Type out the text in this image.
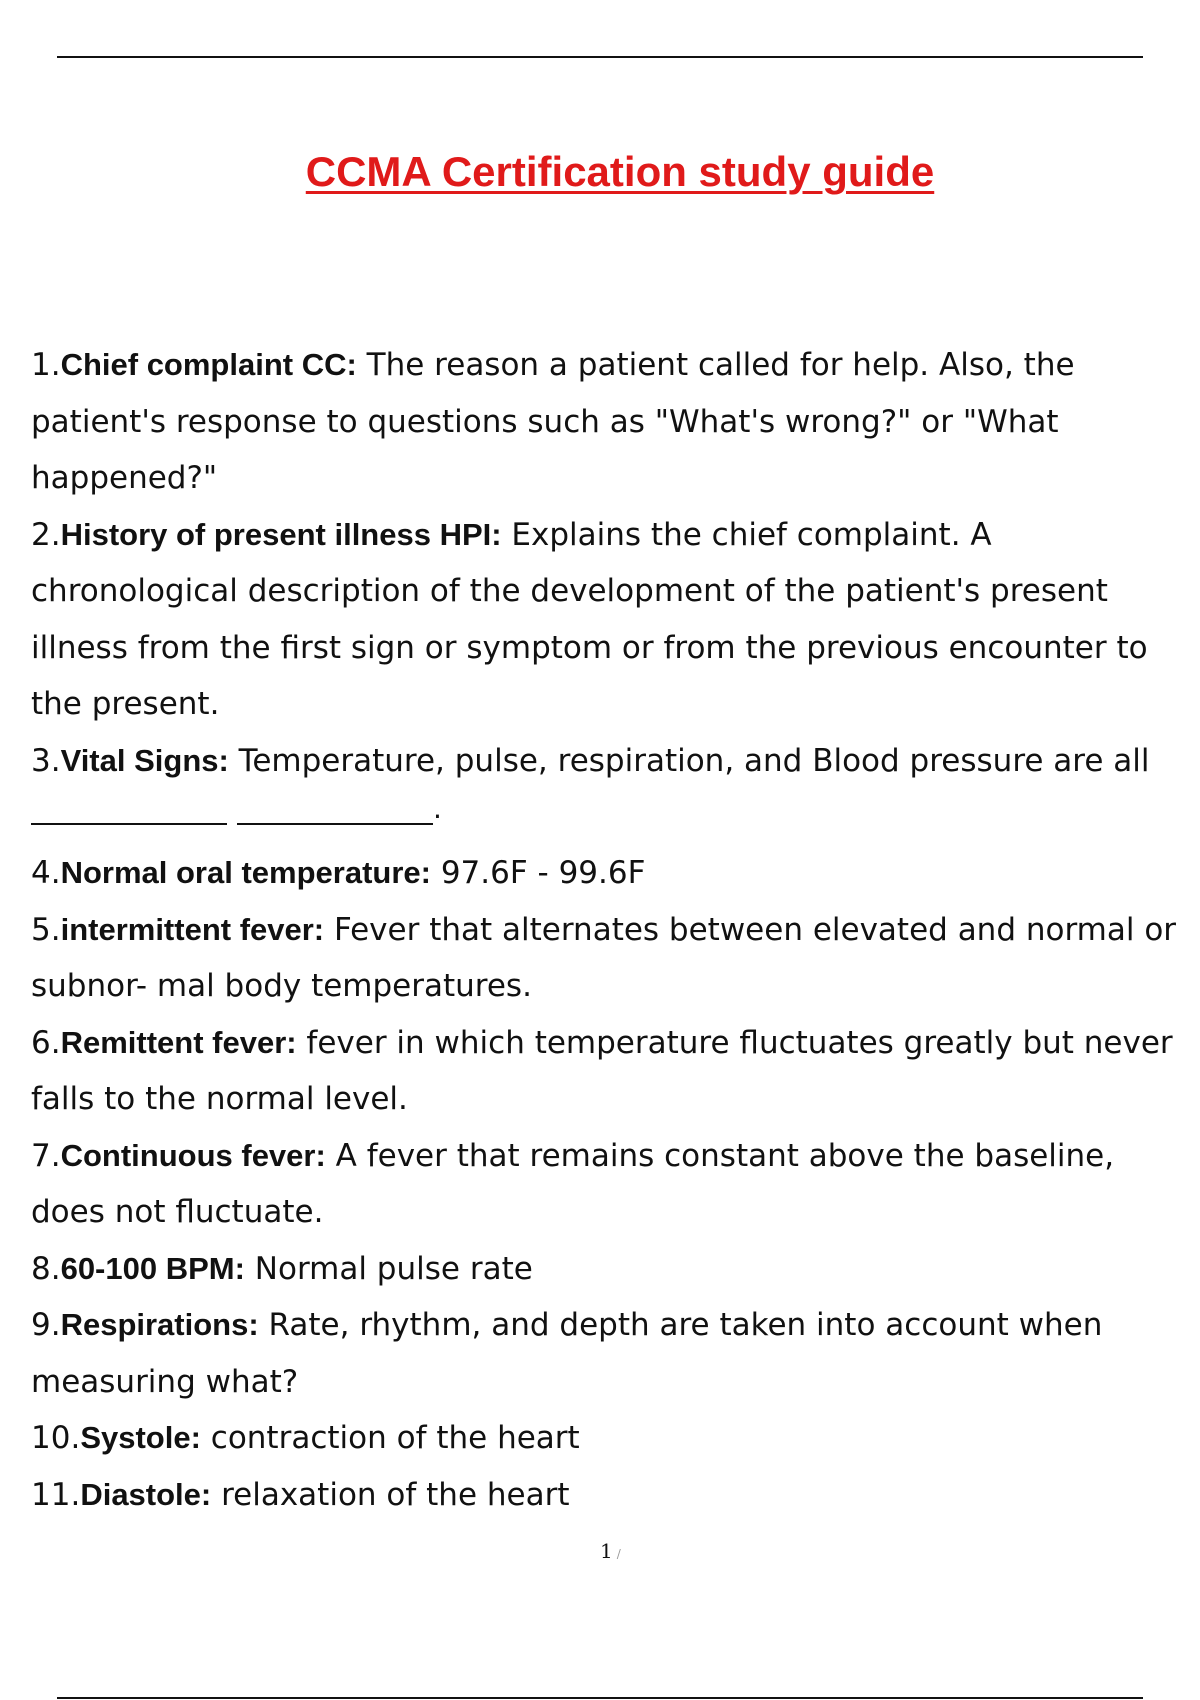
CCMA Certification study guide
1.Chief complaint CC: The reason a patient called for help. Also, the patient's response to questions such as "What's wrong?" or "What happened?"
2.History of present illness HPI: Explains the chief complaint. A chronological description of the development of the patient's present illness from the first sign or symptom or from the previous encounter to the present.
3.Vital Signs: Temperature, pulse, respiration, and Blood pressure are all
.
4.Normal oral temperature: 97.6F - 99.6F
5.intermittent fever: Fever that alternates between elevated and normal or subnor- mal body temperatures.
6.Remittent fever: fever in which temperature fluctuates greatly but never falls to the normal level.
7.Continuous fever: A fever that remains constant above the baseline, does not fluctuate.
8.60-100 BPM: Normal pulse rate
9.Respirations: Rate, rhythm, and depth are taken into account when measuring what?
10.Systole: contraction of the heart
11.Diastole: relaxation of the heart
1 /
